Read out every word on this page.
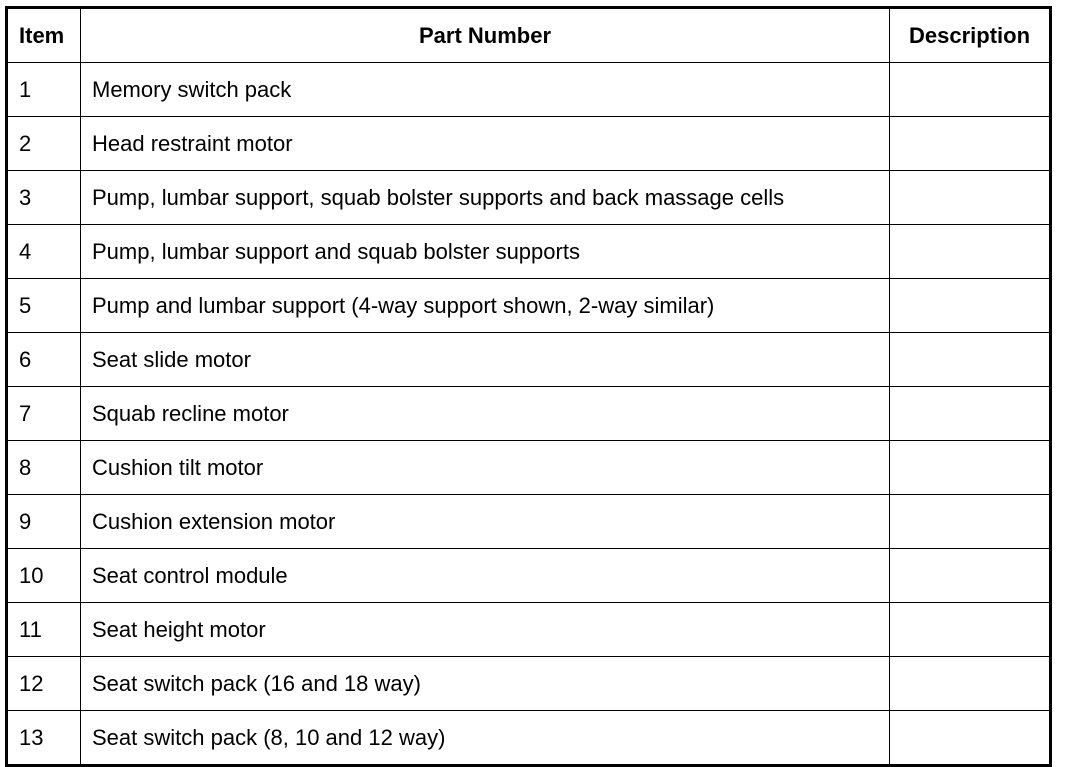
Item	Part Number	Description
1	Memory switch pack	
2	Head restraint motor	
3	Pump, lumbar support, squab bolster supports and back massage cells	
4	Pump, lumbar support and squab bolster supports	
5	Pump and lumbar support (4-way support shown, 2-way similar)	
6	Seat slide motor	
7	Squab recline motor	
8	Cushion tilt motor	
9	Cushion extension motor	
10	Seat control module	
11	Seat height motor	
12	Seat switch pack (16 and 18 way)	
13	Seat switch pack (8, 10 and 12 way)	
